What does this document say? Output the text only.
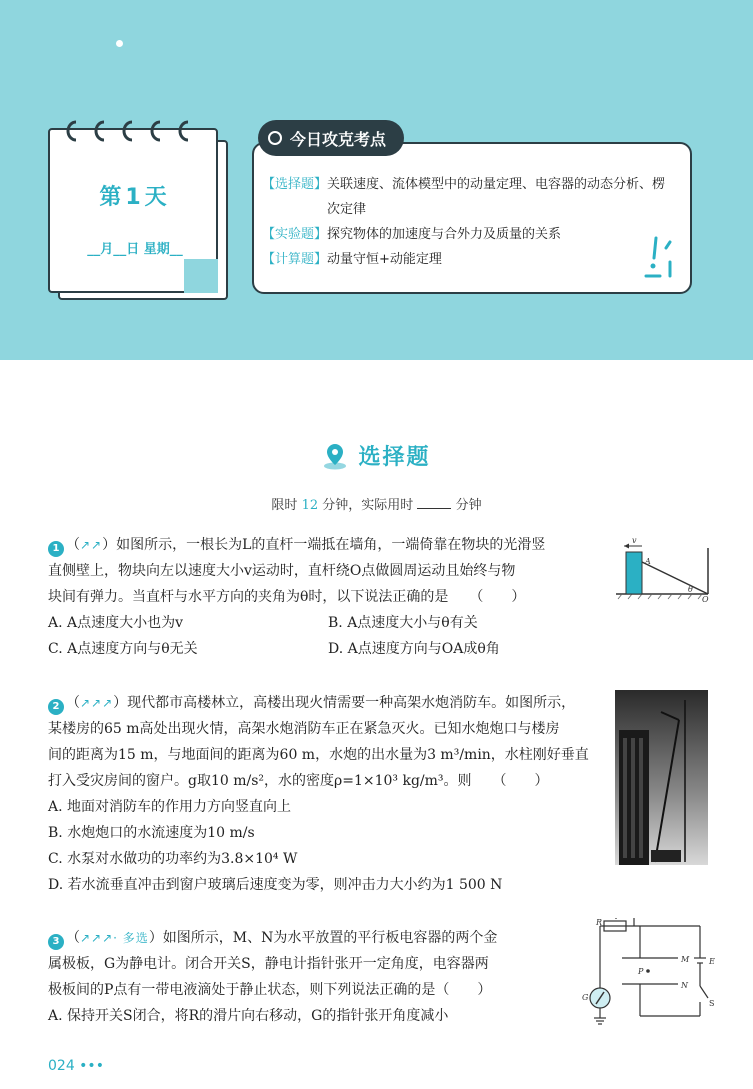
第1天
__月__日 星期__
今日攻克考点
【选择题】 关联速度、流体模型中的动量定理、电容器的动态分析、楞次定律
【实验题】 探究物体的加速度与合外力及质量的关系
【计算题】 动量守恒+动能定理
选择题
限时 12 分钟，实际用时	分钟
1 （↗↗）如图所示，一根长为L的直杆一端抵在墙角，一端倚靠在物块的光滑竖
直侧壁上，物块向左以速度大小v运动时，直杆绕O点做圆周运动且始终与物
块间有弹力。当直杆与水平方向的夹角为θ时，以下说法正确的是　　（　　）
A. A点速度大小也为v	B. A点速度大小与θ有关
C. A点速度方向与θ无关	D. A点速度方向与OA成θ角
v
A
θ
O
2 （↗↗↗）现代都市高楼林立，高楼出现火情需要一种高架水炮消防车。如图所示，
某楼房的65 m高处出现火情，高架水炮消防车正在紧急灭火。已知水炮炮口与楼房
间的距离为15 m，与地面间的距离为60 m，水炮的出水量为3 m³/min，水柱刚好垂直
打入受灾房间的窗户。g取10 m/s²，水的密度ρ=1×10³ kg/m³。则　　（　　）
A. 地面对消防车的作用力方向竖直向上
B. 水炮炮口的水流速度为10 m/s
C. 水泵对水做功的功率约为3.8×10⁴ W
D. 若水流垂直冲击到窗户玻璃后速度变为零，则冲击力大小约为1 500 N
3 （↗↗↗· 多选）如图所示，M、N为水平放置的平行板电容器的两个金
属极板，G为静电计。闭合开关S，静电计指针张开一定角度，电容器两
极板间的P点有一带电液滴处于静止状态，则下列说法正确的是（　　）
A. 保持开关S闭合，将R的滑片向右移动，G的指针张开角度减小
R
M
N
P
E
S
G
024 •••
